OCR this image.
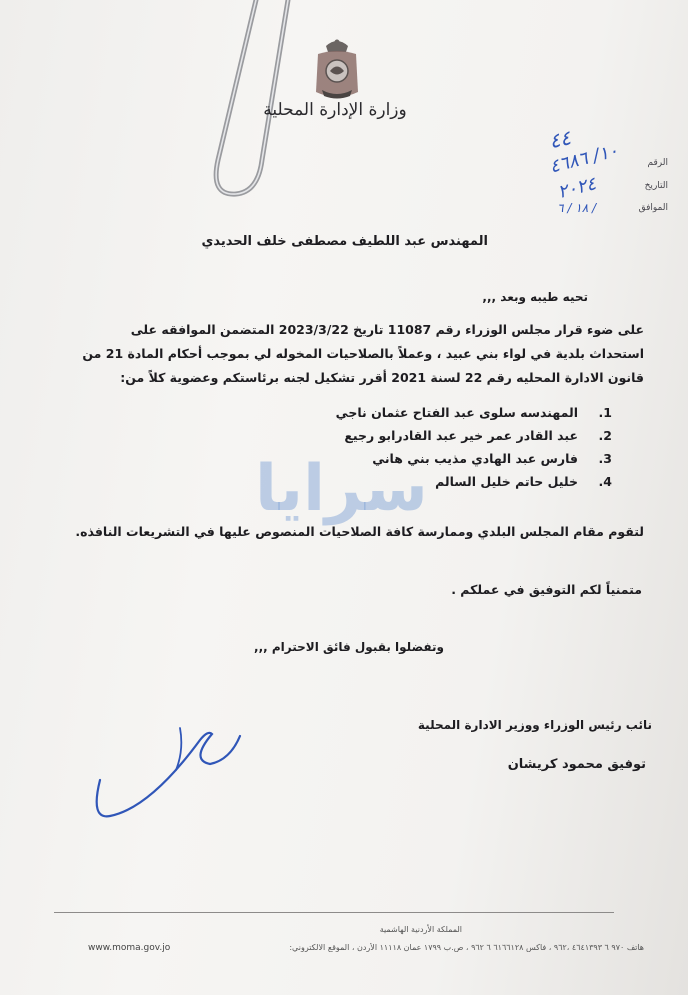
وزارة الإدارة المحلية
الرقم
التاريخ
الموافق
٤٤
١٠/ ٤٦٨٦
٢٠٢٤
١٨ / ٦ /
المهندس عبد اللطيف مصطفى خلف الحديدي
تحيه طيبه وبعد ,,,

على ضوء قرار مجلس الوزراء رقم 11087 تاريخ 2023/3/22 المتضمن الموافقه على

استحداث بلدية في لواء بني عبيد ، وعملاً بالصلاحيات المخوله لي بموجب أحكام المادة 21 من

قانون الادارة المحليه رقم 22 لسنة 2021 أقرر تشكيل لجنه برئاستكم وعضوية كلاً من:

1.
المهندسه سلوى عبد الفتاح عثمان ناجي
2.
عبد القادر عمر خير عبد القادرابو رجيع
3.
فارس عبد الهادي مذيب بني هاني
4.
خليل حاتم خليل السالم
لتقوم مقام المجلس البلدي وممارسة كافة الصلاحيات المنصوص عليها في التشريعات النافذه.
متمنياً لكم التوفيق في عملكم .
وتفضلوا بقبول فائق الاحترام ,,,
نائب رئيس الوزراء ووزير الادارة المحلية
توفيق محمود كريشان
سرايا
المملكة الأردنية الهاشمية
هاتف ٩٧٠ ٦ ٤٦٤١٣٩٣ ،٩٦٢ ، فاكس ٦١٦٦١٢٨ ٦ ٩٦٢ ، ص.ب ١٧٩٩ عمان ١١١١٨ الأردن ، الموقع الالكتروني:
www.moma.gov.jo
